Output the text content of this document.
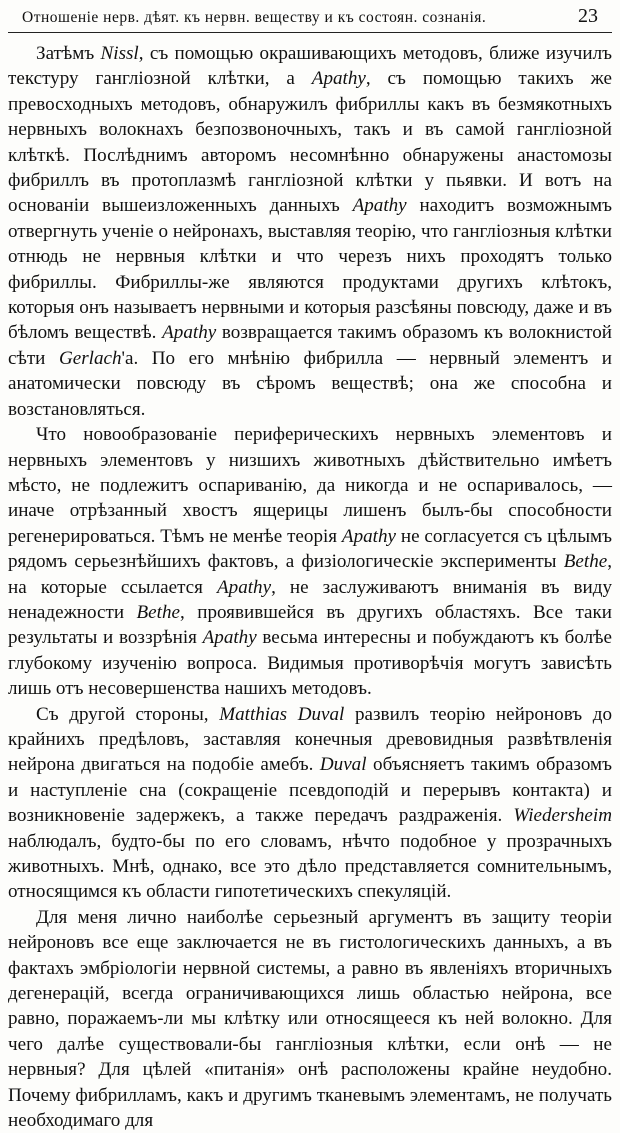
Отношеніе нерв. дѣят. къ нервн. веществу и къ состоян. сознанія.	23

Затѣмъ Nissl, съ помощью окрашивающихъ методовъ, ближе изучилъ текстуру ганглiозной клѣтки, а Apathy, съ помощью такихъ же превосходныхъ методовъ, обнаружилъ фибриллы какъ въ безмякотныхъ нервныхъ волокнахъ безпозвоночныхъ, такъ и въ самой ганглiозной клѣткѣ. Послѣднимъ авторомъ несомнѣнно обнаружены анастомозы фибриллъ въ протоплазмѣ ганглiозной клѣтки у пьявки. И вотъ на основанiи вышеизложенныхъ данныхъ Apathy находитъ возможнымъ отвергнуть ученiе о нейронахъ, выставляя теорiю, что ганглiозныя клѣтки отнюдь не нервныя клѣтки и что черезъ нихъ проходятъ только фибриллы. Фибриллы-же являются продуктами другихъ клѣтокъ, которыя онъ называетъ нервными и которыя разсѣяны повсюду, даже и въ бѣломъ веществѣ. Apathy возвращается такимъ образомъ къ волокнистой сѣти Gerlach'а. По его мнѣнiю фибрилла — нервный элементъ и анатомически повсюду въ сѣромъ веществѣ; она же способна и возстановляться.

Что новообразованiе периферическихъ нервныхъ элементовъ и нервныхъ элементовъ у низшихъ животныхъ дѣйствительно имѣетъ мѣсто, не подлежитъ оспариванiю, да никогда и не оспаривалось, — иначе отрѣзанный хвостъ ящерицы лишенъ былъ-бы способности регенерироваться. Тѣмъ не менѣе теорiя Apathy не согласуется съ цѣлымъ рядомъ серьезнѣйшихъ фактовъ, а физiологическiе эксперименты Bethe, на которые ссылается Apathy, не заслуживаютъ вниманiя въ виду ненадежности Bethe, проявившейся въ другихъ областяхъ. Все таки результаты и воззрѣнiя Apathy весьма интересны и побуждаютъ къ болѣе глубокому изученiю вопроса. Видимыя противорѣчiя могутъ зависѣть лишь отъ несовершенства нашихъ методовъ.

Съ другой стороны, Matthias Duval развилъ теорiю нейроновъ до крайнихъ предѣловъ, заставляя конечныя древовидныя развѣтвленiя нейрона двигаться на подобiе амебъ. Duval объясняетъ такимъ образомъ и наступленiе сна (сокращенiе псевдоподiй и перерывъ контакта) и возникновенiе задержекъ, а также передачъ раздраженiя. Wiedersheim наблюдалъ, будто-бы по его словамъ, нѣчто подобное у прозрачныхъ животныхъ. Мнѣ, однако, все это дѣло представляется сомнительнымъ, относящимся къ области гипотетическихъ спекуляцiй.

Для меня лично наиболѣе серьезный аргументъ въ защиту теорiи нейроновъ все еще заключается не въ гистологическихъ данныхъ, а въ фактахъ эмбрiологiи нервной системы, а равно въ явленiяхъ вторичныхъ дегенерацiй, всегда ограничивающихся лишь областью нейрона, все равно, поражаемъ-ли мы клѣтку или относящееся къ ней волокно. Для чего далѣе существовали-бы ганглiозныя клѣтки, если онѣ — не нервныя? Для цѣлей «питанiя» онѣ расположены крайне неудобно. Почему фибрилламъ, какъ и другимъ тканевымъ элементамъ, не получать необходимаго для
